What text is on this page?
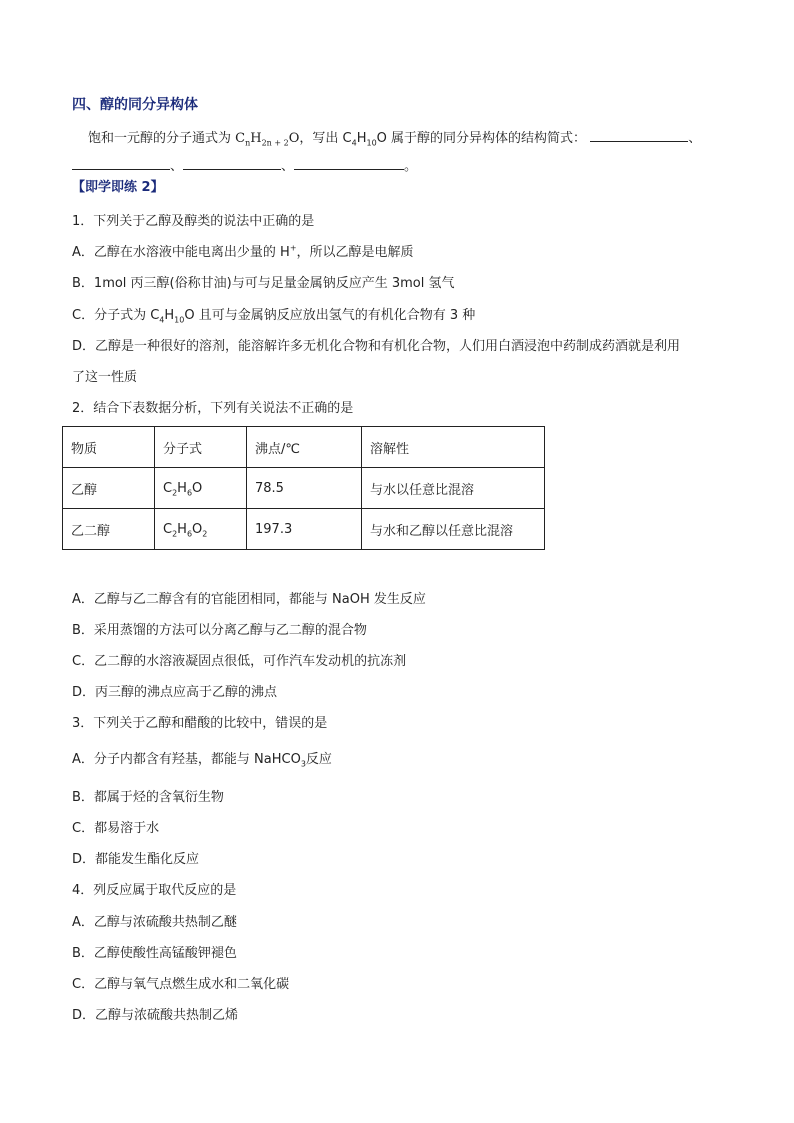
四、醇的同分异构体
饱和一元醇的分子通式为 $C_nH_{2n + 2}O$，写出 $C_4H_{10}O$ 属于醇的同分异构体的结构简式：	、
、	、	。
【即学即练 2】
1．下列关于乙醇及醇类的说法中正确的是
A．乙醇在水溶液中能电离出少量的 H+，所以乙醇是电解质
B．1mol 丙三醇(俗称甘油)与可与足量金属钠反应产生 3mol 氢气
C．分子式为 $C_4H_{10}O$ 且可与金属钠反应放出氢气的有机化合物有 3 种
D．乙醇是一种很好的溶剂，能溶解许多无机化合物和有机化合物，人们用白酒浸泡中药制成药酒就是利用
了这一性质
2．结合下表数据分析，下列有关说法不正确的是
物质	分子式	沸点/℃	溶解性
乙醇	$C_2H_6O$	78.5	与水以任意比混溶
乙二醇	$C_2H_6O_2$	197.3	与水和乙醇以任意比混溶
A．乙醇与乙二醇含有的官能团相同，都能与 NaOH 发生反应
B．采用蒸馏的方法可以分离乙醇与乙二醇的混合物
C．乙二醇的水溶液凝固点很低，可作汽车发动机的抗冻剂
D．丙三醇的沸点应高于乙醇的沸点
3．下列关于乙醇和醋酸的比较中，错误的是
A．分子内都含有羟基，都能与 NaHCO$_3$反应
B．都属于烃的含氧衍生物
C．都易溶于水
D．都能发生酯化反应
4．列反应属于取代反应的是
A．乙醇与浓硫酸共热制乙醚
B．乙醇使酸性高锰酸钾褪色
C．乙醇与氧气点燃生成水和二氧化碳
D．乙醇与浓硫酸共热制乙烯
